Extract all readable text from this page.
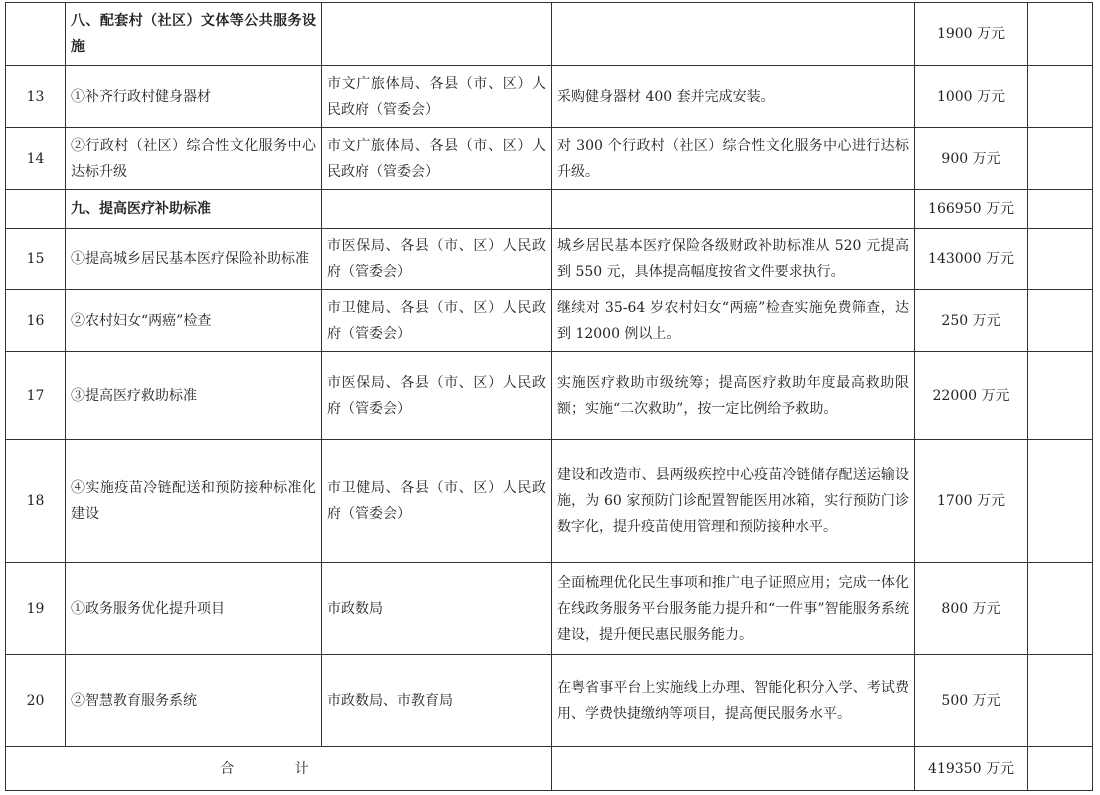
	八、配套村（社区）文体等公共服务设施			1900 万元	
13	①补齐行政村健身器材	市文广旅体局、各县（市、区）人民政府（管委会）	采购健身器材 400 套并完成安装。	1000 万元	
14	②行政村（社区）综合性文化服务中心达标升级	市文广旅体局、各县（市、区）人民政府（管委会）	对 300 个行政村（社区）综合性文化服务中心进行达标升级。	900 万元	
	九、提高医疗补助标准			166950 万元	
15	①提高城乡居民基本医疗保险补助标准	市医保局、各县（市、区）人民政府（管委会）	城乡居民基本医疗保险各级财政补助标准从 520 元提高到 550 元，具体提高幅度按省文件要求执行。	143000 万元	
16	②农村妇女“两癌”检查	市卫健局、各县（市、区）人民政府（管委会）	继续对 35-64 岁农村妇女“两癌”检查实施免费筛查，达到 12000 例以上。	250 万元	
17	③提高医疗救助标准	市医保局、各县（市、区）人民政府（管委会）	实施医疗救助市级统筹；提高医疗救助年度最高救助限额；实施“二次救助”，按一定比例给予救助。	22000 万元	
18	④实施疫苗冷链配送和预防接种标准化建设	市卫健局、各县（市、区）人民政府（管委会）	建设和改造市、县两级疾控中心疫苗冷链储存配送运输设施，为 60 家预防门诊配置智能医用冰箱，实行预防门诊数字化，提升疫苗使用管理和预防接种水平。	1700 万元	
19	①政务服务优化提升项目	市政数局	全面梳理优化民生事项和推广电子证照应用；完成一体化在线政务服务平台服务能力提升和“一件事”智能服务系统建设，提升便民惠民服务能力。	800 万元	
20	②智慧教育服务系统	市政数局、市教育局	在粤省事平台上实施线上办理、智能化积分入学、考试费用、学费快捷缴纳等项目，提高便民服务水平。	500 万元	
合 计				419350 万元	
